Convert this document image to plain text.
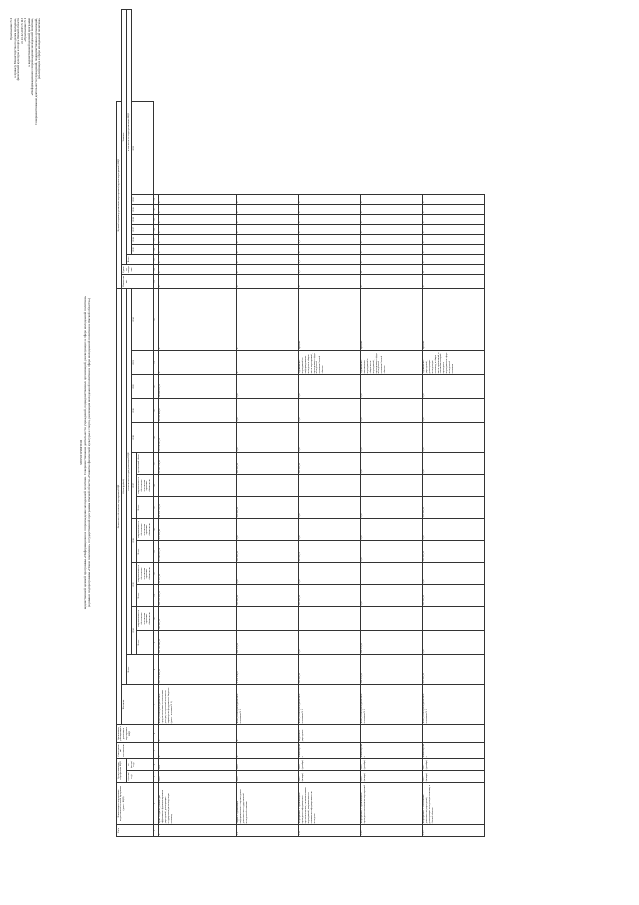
Приложение N 4 к приказу Министерства по делам молодежи, физической культуры и спорта Омской области от 21.12.2015 N 113 «Приложение N 1 к ведомственной целевой программе «Информационное сопровождение молодежной политики, Совершенствование деятельности учреждений, подведомственных организаций, реализующих в сфере молодежной политики»
МЕРОПРИЯТИЯ ведомственной целевой программы «Информационное сопровождение молодежной политики. Совершенствование деятельности учреждений, подведомственных организаций, реализующих в сфере молодежной политики» (в рамках подпрограммы «Новое поколение» государственной программы Омской области «Развитие физической культуры и спорта, реализация молодежной политики в сфере молодежной политики в Омской области»)
N п/п	Наименование мероприятия ведомственной целевой программы (далее - ВЦП)	Срок реализации мероприятия ВЦП		Ответственный исполнитель	Организация, участвующая в реализации мероприятия ВЦП	Финансовое обеспечение мероприятия ВЦП																Целевой индикатор реализации мероприятия (группы мероприятий) ВЦП									
						Источник	Объем (рублей)															Наименование	Единица измерения	Значение							
		с (месяц/год)	по (месяц/год)				Всего	в том числе по годам реализации ВЦП																Всего	в том числе по годам реализации ВЦП						
								2014		2015		2016		2017			2018	2019	2020	2021	2014				2015	2016	2017	2018	2019	2020	2021
								Всего	направленные на обеспечение исполнения принятых обязательств	Всего	направленные на обеспечение исполнения принятых обязательств	Всего	направленные на обеспечение исполнения принятых обязательств	Всего	направленные на обеспечение исполнения принятых обязательств	прогнозный объем															
1	2	3	4	5	6	7	8	9	10	11	12	13	14	15	16	17	18	19	20	21	22	23	24	25	26	27	28	29	30	31	
1.	Цель: Создание условий для эффективного функционирования учреждений, реализующих государственную молодежную политику	2014	2021	X	X	Всего, из них расходы за счет: средств налоговых и неналоговых доходов, поступлений нецелевого характера из федерального бюджета (далее - источник N 1)	495 774 811,40	119 741 461,40	342 995,31	128 752 030,30	32 177,14	47 465 857,58	472 059,60	48 171 733,00		91 243 774,83	51 078 207,00	11 011 169,00	28 646 632,00	X	X	X	X	X	X	X	X	X	X	X	
1.1.	Задача 1. Организация информационного сопровождения деятельности государственной молодежной политики	2014	2016	X	X	Всего, из них расходы за счет: источника N 1	1 154 176,00	214 176,00		300 000,00	0,00	200 000,00	0,00	250 000,00		100 000,00	0,00	0,00	0,00	X	X	X	X	X	X	X	X	X	X	X	
1.1.1	Мероприятие 1. Организация и проведение информационно-просветительских, ознакомительных мероприятий, направленных на повышение информированности молодежи	2015 (январь)	2016 (декабрь)	Министерство	Бюджетное учреждение	Всего, из них расходы за счет: источника N 1	200 000,00	0,00		100 000,00	0,00	80 000,00	0,00	0,00		100 000,00	0,00	0,00	0,00	Удельный вес мероприятий по информированию молодежи в общем числе мероприятий, проводимых в сфере молодежной политики Омской области	Процент	X	0,2	0,1	X	0,1	X	X	X	X	
1.1.2	Мероприятие 2. Организация и проведение выставочных мероприятий	2014 (январь)	2014 (декабрь)	Министерство		Всего, из них расходы за счет: источника N 1	214 176,00	214 176,00		0,00		0,00	0,00	0,00		0,00	0,00	0,00	0,00	Удельный вес выставочных мероприятий в общем числе мероприятий, проводимых в сфере молодежной политики Омской области	Процент	X	13	X	X	X	X	X	X	X	
1.1.3	Мероприятие 3. Обеспечение деятельности учреждений, реализующих молодежную политику в Омской области	2015 (январь)	2017 (декабрь)	Министерство		Всего, из них расходы за счет: источника N 1	450 000,00	0,00		200 000,00	0,00	200 000,00	0,00	250 000,00		0,00	0,00	0,00	0,00	Удельный вес учреждений, реализующих молодежную политику, в общем числе организаций, в отношении которых проводятся мероприятия в сфере молодежной политики	Процент	X	13	X	X	X	X	X	X	X	
